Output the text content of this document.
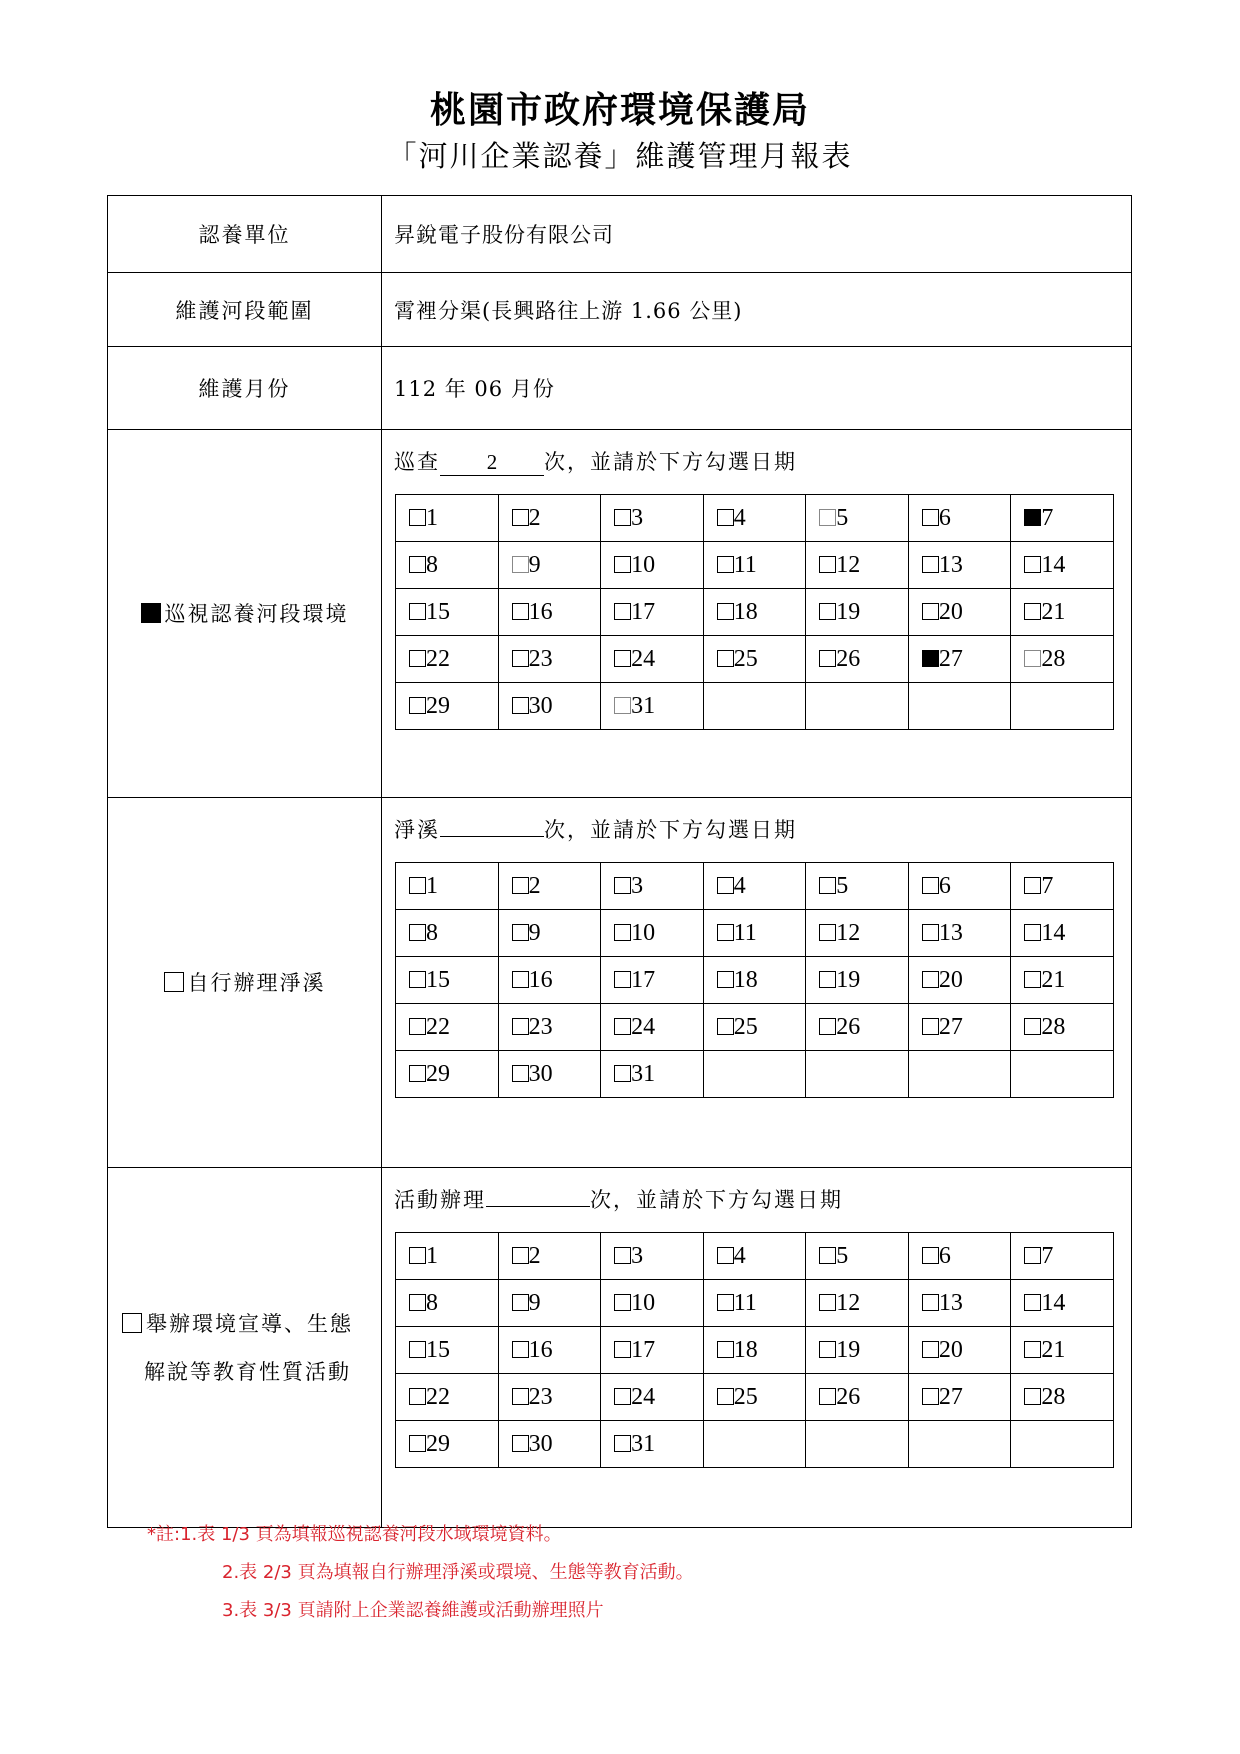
桃園市政府環境保護局
「河川企業認養」維護管理月報表
認養單位	昇銳電子股份有限公司
維護河段範圍	霄裡分渠(長興路往上游 1.66 公里)
維護月份	112 年 06 月份

巡視認養河段環境

巡查 2 次，並請於下方勾選日期
1	2	3	4	5	6	7
8	9	10	11	12	13	14
15	16	17	18	19	20	21
22	23	24	25	26	27	28
29	30	31				

自行辦理淨溪

淨溪	次，並請於下方勾選日期
1	2	3	4	5	6	7
8	9	10	11	12	13	14
15	16	17	18	19	20	21
22	23	24	25	26	27	28
29	30	31				

舉辦環境宣導、生態
解說等教育性質活動

活動辦理	次，並請於下方勾選日期
1	2	3	4	5	6	7
8	9	10	11	12	13	14
15	16	17	18	19	20	21
22	23	24	25	26	27	28
29	30	31				
*註:1.表 1/3 頁為填報巡視認養河段水域環境資料。
2.表 2/3 頁為填報自行辦理淨溪或環境、生態等教育活動。
3.表 3/3 頁請附上企業認養維護或活動辦理照片
